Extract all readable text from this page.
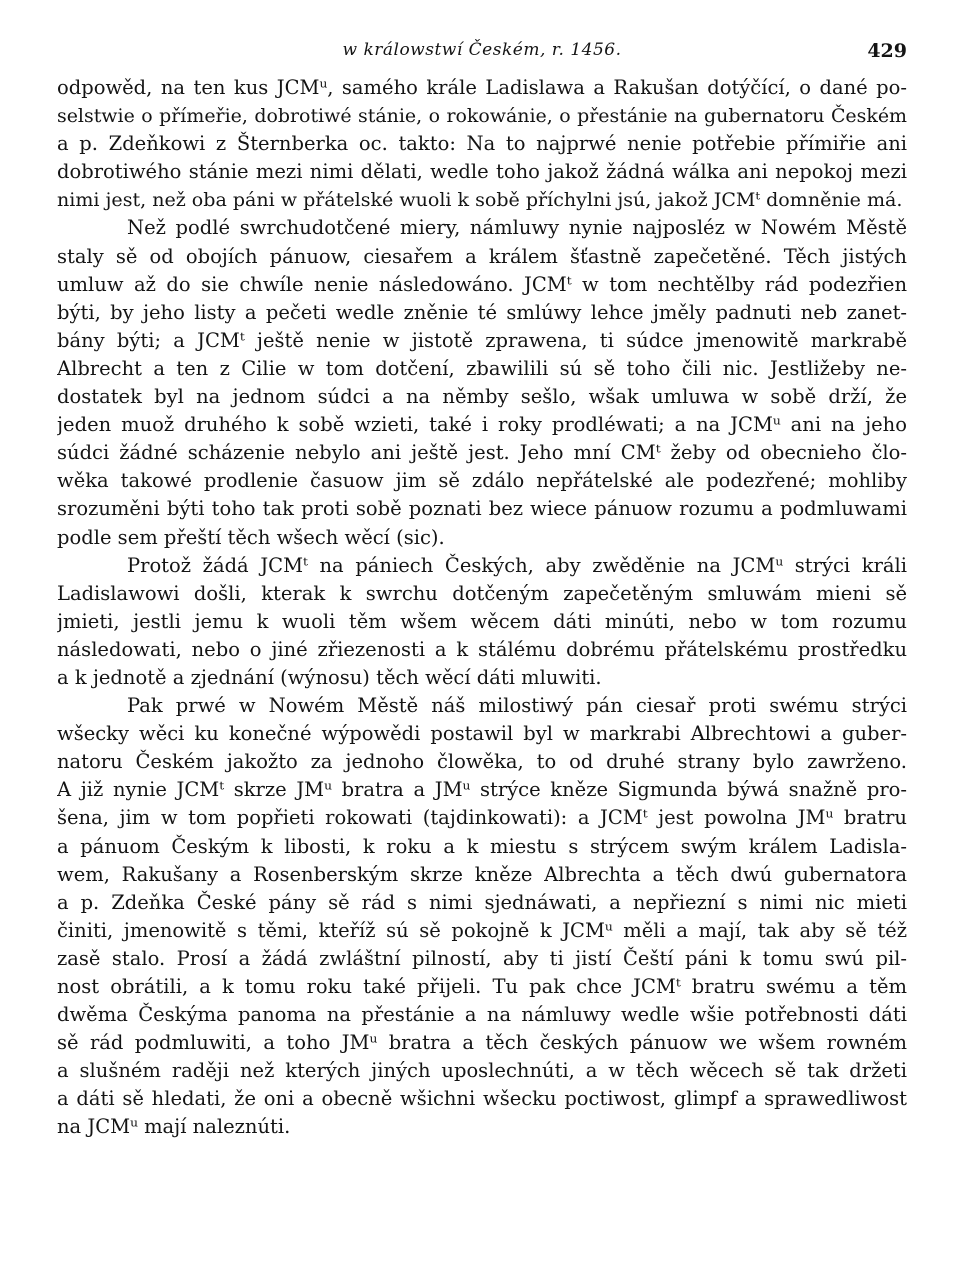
w králowstwí Českém, r. 1456.	429
odpowěd, na ten kus JCMᵘ, samého krále Ladislawa a Rakušan dotýčící, o dané po-
selstwie o přímeřie, dobrotiwé stánie, o rokowánie, o přestánie na gubernatoru Českém
a p. Zdeňkowi z Šternberka oc. takto: Na to najprwé nenie potřebie přímiřie ani
dobrotiwého stánie mezi nimi dělati, wedle toho jakož žádná wálka ani nepokoj mezi
nimi jest, než oba páni w přátelské wuoli k sobě příchylni jsú, jakož JCMᵗ domněnie má.
Než podlé swrchudotčené miery, námluwy nynie najposléz w Nowém Městě
staly sě od obojích pánuow, ciesařem a králem šťastně zapečetěné. Těch jistých
umluw až do sie chwíle nenie následowáno. JCMᵗ w tom nechtělby rád podezřien
býti, by jeho listy a pečeti wedle zněnie té smlúwy lehce jměly padnuti neb zanet-
bány býti; a JCMᵗ ještě nenie w jistotě zprawena, ti súdce jmenowitě markrabě
Albrecht a ten z Cilie w tom dotčení, zbawilili sú sě toho čili nic. Jestližeby ne-
dostatek byl na jednom súdci a na němby sešlo, wšak umluwa w sobě drží, že
jeden muož druhého k sobě wzieti, také i roky prodléwati; a na JCMᵘ ani na jeho
súdci žádné scházenie nebylo ani ještě jest. Jeho mní CMᵗ žeby od obecnieho člo-
wěka takowé prodlenie časuow jim sě zdálo nepřátelské ale podezřené; mohliby
srozuměni býti toho tak proti sobě poznati bez wiece pánuow rozumu a podmluwami
podle sem přeští těch wšech wěcí (sic).
Protož žádá JCMᵗ na pániech Českých, aby zwěděnie na JCMᵘ strýci králi
Ladislawowi došli, kterak k swrchu dotčeným zapečetěným smluwám mieni sě
jmieti, jestli jemu k wuoli těm wšem wěcem dáti minúti, nebo w tom rozumu
následowati, nebo o jiné zřiezenosti a k stálému dobrému přátelskému prostředku
a k jednotě a zjednání (wýnosu) těch wěcí dáti mluwiti.
Pak prwé w Nowém Městě náš milostiwý pán ciesař proti swému strýci
wšecky wěci ku konečné wýpowědi postawil byl w markrabi Albrechtowi a guber-
natoru Českém jakožto za jednoho člowěka, to od druhé strany bylo zawrženo.
A již nynie JCMᵗ skrze JMᵘ bratra a JMᵘ strýce kněze Sigmunda býwá snažně pro-
šena, jim w tom popřieti rokowati (tajdinkowati): a JCMᵗ jest powolna JMᵘ bratru
a pánuom Českým k libosti, k roku a k miestu s strýcem swým králem Ladisla-
wem, Rakušany a Rosenberským skrze kněze Albrechta a těch dwú gubernatora
a p. Zdeňka České pány sě rád s nimi sjednáwati, a nepřiezní s nimi nic mieti
činiti, jmenowitě s těmi, kteříž sú sě pokojně k JCMᵘ měli a mají, tak aby sě též
zasě stalo. Prosí a žádá zwláštní pilností, aby ti jistí Čeští páni k tomu swú pil-
nost obrátili, a k tomu roku také přijeli. Tu pak chce JCMᵗ bratru swému a těm
dwěma Českýma panoma na přestánie a na námluwy wedle wšie potřebnosti dáti
sě rád podmluwiti, a toho JMᵘ bratra a těch českých pánuow we wšem rowném
a slušném raději než kterých jiných uposlechnúti, a w těch wěcech sě tak držeti
a dáti sě hledati, že oni a obecně wšichni wšecku poctiwost, glimpf a sprawedliwost
na JCMᵘ mají naleznúti.
